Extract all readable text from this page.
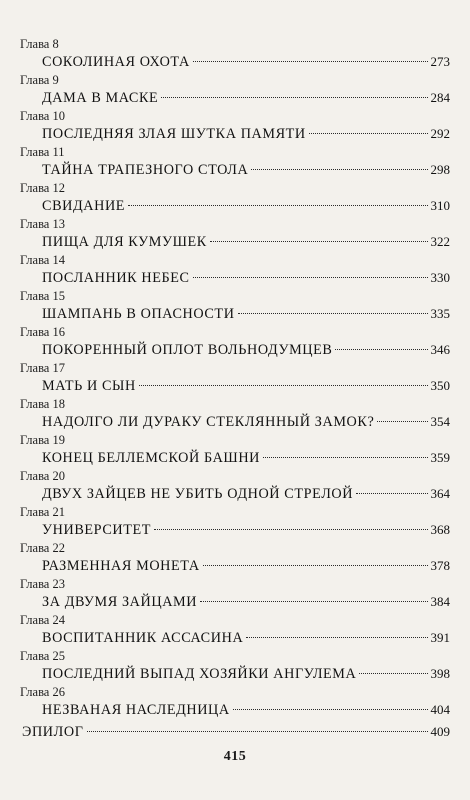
Глава 8
СОКОЛИНАЯ ОХОТА	273
Глава 9
ДАМА В МАСКЕ	284
Глава 10
ПОСЛЕДНЯЯ ЗЛАЯ ШУТКА ПАМЯТИ	292
Глава 11
ТАЙНА ТРАПЕЗНОГО СТОЛА	298
Глава 12
СВИДАНИЕ	310
Глава 13
ПИЩА ДЛЯ КУМУШЕК	322
Глава 14
ПОСЛАННИК НЕБЕС	330
Глава 15
ШАМПАНЬ В ОПАСНОСТИ	335
Глава 16
ПОКОРЕННЫЙ ОПЛОТ ВОЛЬНОДУМЦЕВ	346
Глава 17
МАТЬ И СЫН	350
Глава 18
НАДОЛГО ЛИ ДУРАКУ СТЕКЛЯННЫЙ ЗАМОК?	354
Глава 19
КОНЕЦ БЕЛЛЕМСКОЙ БАШНИ	359
Глава 20
ДВУХ ЗАЙЦЕВ НЕ УБИТЬ ОДНОЙ СТРЕЛОЙ	364
Глава 21
УНИВЕРСИТЕТ	368
Глава 22
РАЗМЕННАЯ МОНЕТА	378
Глава 23
ЗА ДВУМЯ ЗАЙЦАМИ	384
Глава 24
ВОСПИТАННИК АССАСИНА	391
Глава 25
ПОСЛЕДНИЙ ВЫПАД ХОЗЯЙКИ АНГУЛЕМА	398
Глава 26
НЕЗВАНАЯ НАСЛЕДНИЦА	404
ЭПИЛОГ	409
415
